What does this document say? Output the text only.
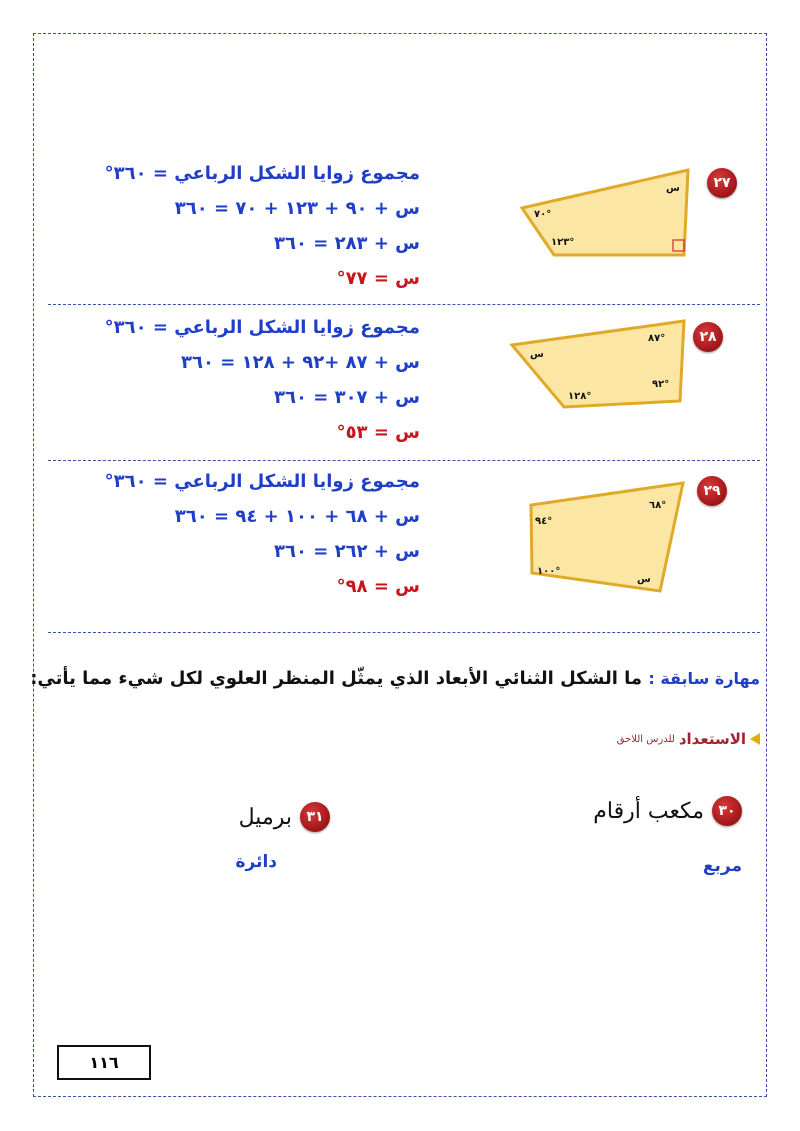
٢٧
س
٧٠°
١٢٣°
مجموع زوايا الشكل الرباعي = ٣٦٠°
س + ٩٠ + ١٢٣ + ٧٠ = ٣٦٠
س + ٢٨٣ = ٣٦٠
س = ٧٧°
٢٨
٨٧°
س
١٢٨°
٩٢°
مجموع زوايا الشكل الرباعي = ٣٦٠°
س + ٨٧ +٩٢ + ١٢٨ = ٣٦٠
س + ٣٠٧ = ٣٦٠
س = ٥٣°
٢٩
٦٨°
٩٤°
١٠٠°
س
مجموع زوايا الشكل الرباعي = ٣٦٠°
س + ٦٨ + ١٠٠ + ٩٤ = ٣٦٠
س + ٢٦٢ = ٣٦٠
س = ٩٨°
مهارة سابقة : ما الشكل الثنائي الأبعاد الذي يمثّل المنظر العلوي لكل شيء مما يأتي:
الاستعداد
للدرس اللاحق
٣٠
مكعب أرقام
مربع
٣١
برميل
دائرة
١١٦
